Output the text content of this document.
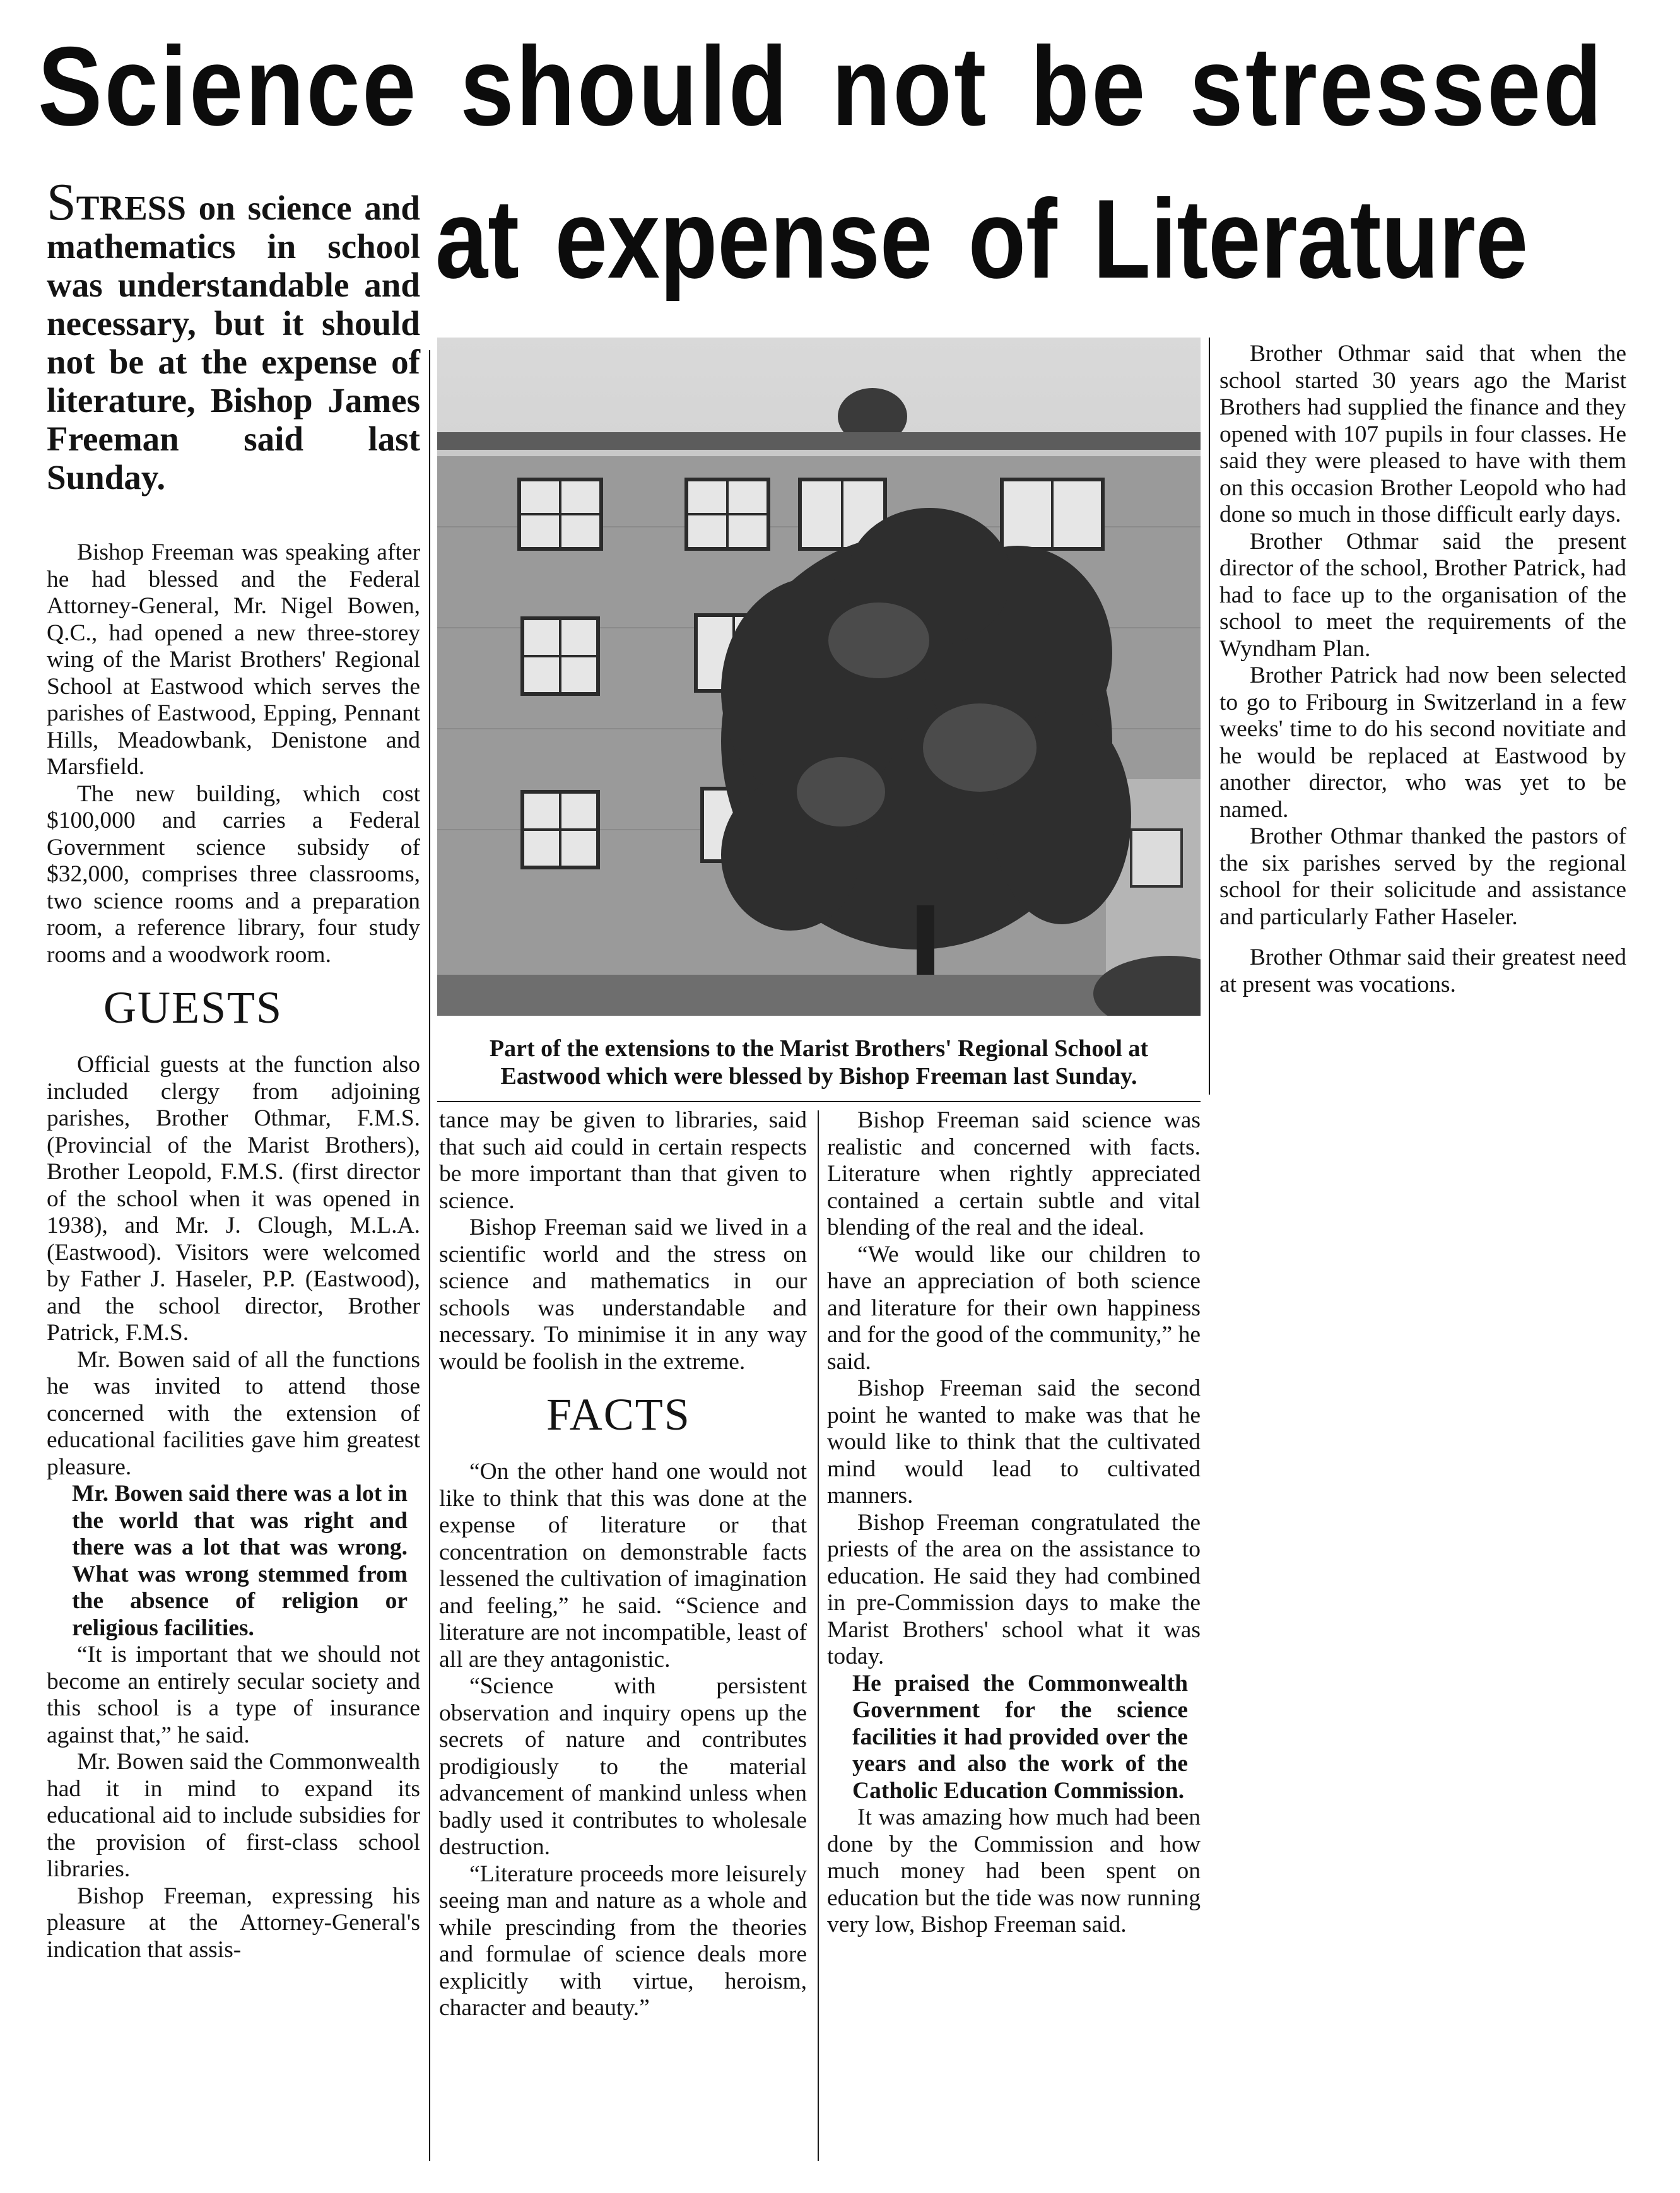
Science should not be stressed
at expense of Literature
STRESS on science and mathematics in school was understandable and necessary, but it should not be at the expense of literature, Bishop James Freeman said last Sunday.

Bishop Freeman was speaking after he had blessed and the Federal Attorney-General, Mr. Nigel Bowen, Q.C., had opened a new three-storey wing of the Marist Brothers' Regional School at Eastwood which serves the parishes of Eastwood, Epping, Pennant Hills, Meadowbank, Denistone and Marsfield.

The new building, which cost $100,000 and carries a Federal Government science subsidy of $32,000, comprises three classrooms, two science rooms and a preparation room, a reference library, four study rooms and a woodwork room.

GUESTS

Official guests at the function also included clergy from adjoining parishes, Brother Othmar, F.M.S. (Provincial of the Marist Brothers), Brother Leopold, F.M.S. (first director of the school when it was opened in 1938), and Mr. J. Clough, M.L.A. (Eastwood). Visitors were welcomed by Father J. Haseler, P.P. (Eastwood), and the school director, Brother Patrick, F.M.S.

Mr. Bowen said of all the functions he was invited to attend those concerned with the extension of educational facilities gave him greatest pleasure.

Mr. Bowen said there was a lot in the world that was right and there was a lot that was wrong. What was wrong stemmed from the absence of religion or religious facilities.

“It is important that we should not become an entirely secular society and this school is a type of insurance against that,” he said.

Mr. Bowen said the Commonwealth had it in mind to expand its educational aid to include subsidies for the provision of first-class school libraries.

Bishop Freeman, expressing his pleasure at the Attorney-General's indication that assis-

Part of the extensions to the Marist Brothers' Regional School at Eastwood which were blessed by Bishop Freeman last Sunday.

tance may be given to libraries, said that such aid could in certain respects be more important than that given to science.

Bishop Freeman said we lived in a scientific world and the stress on science and mathematics in our schools was understandable and necessary. To minimise it in any way would be foolish in the extreme.

FACTS

“On the other hand one would not like to think that this was done at the expense of literature or that concentration on demonstrable facts lessened the cultivation of imagination and feeling,” he said. “Science and literature are not incompatible, least of all are they antagonistic.

“Science with persistent observation and inquiry opens up the secrets of nature and contributes prodigiously to the material advancement of mankind unless when badly used it contributes to wholesale destruction.

“Literature proceeds more leisurely seeing man and nature as a whole and while prescinding from the theories and formulae of science deals more explicitly with virtue, heroism, character and beauty.”

Bishop Freeman said science was realistic and concerned with facts. Literature when rightly appreciated contained a certain subtle and vital blending of the real and the ideal.

“We would like our children to have an appreciation of both science and literature for their own happiness and for the good of the community,” he said.

Bishop Freeman said the second point he wanted to make was that he would like to think that the cultivated mind would lead to cultivated manners.

Bishop Freeman congratulated the priests of the area on the assistance to education. He said they had combined in pre-Commission days to make the Marist Brothers' school what it was today.

He praised the Commonwealth Government for the science facilities it had provided over the years and also the work of the Catholic Education Commission.

It was amazing how much had been done by the Commission and how much money had been spent on education but the tide was now running very low, Bishop Freeman said.

Brother Othmar said that when the school started 30 years ago the Marist Brothers had supplied the finance and they opened with 107 pupils in four classes. He said they were pleased to have with them on this occasion Brother Leopold who had done so much in those difficult early days.

Brother Othmar said the present director of the school, Brother Patrick, had had to face up to the organisation of the school to meet the requirements of the Wyndham Plan.

Brother Patrick had now been selected to go to Fribourg in Switzerland in a few weeks' time to do his second novitiate and he would be replaced at Eastwood by another director, who was yet to be named.

Brother Othmar thanked the pastors of the six parishes served by the regional school for their solicitude and assistance and particularly Father Haseler.

Brother Othmar said their greatest need at present was vocations.
